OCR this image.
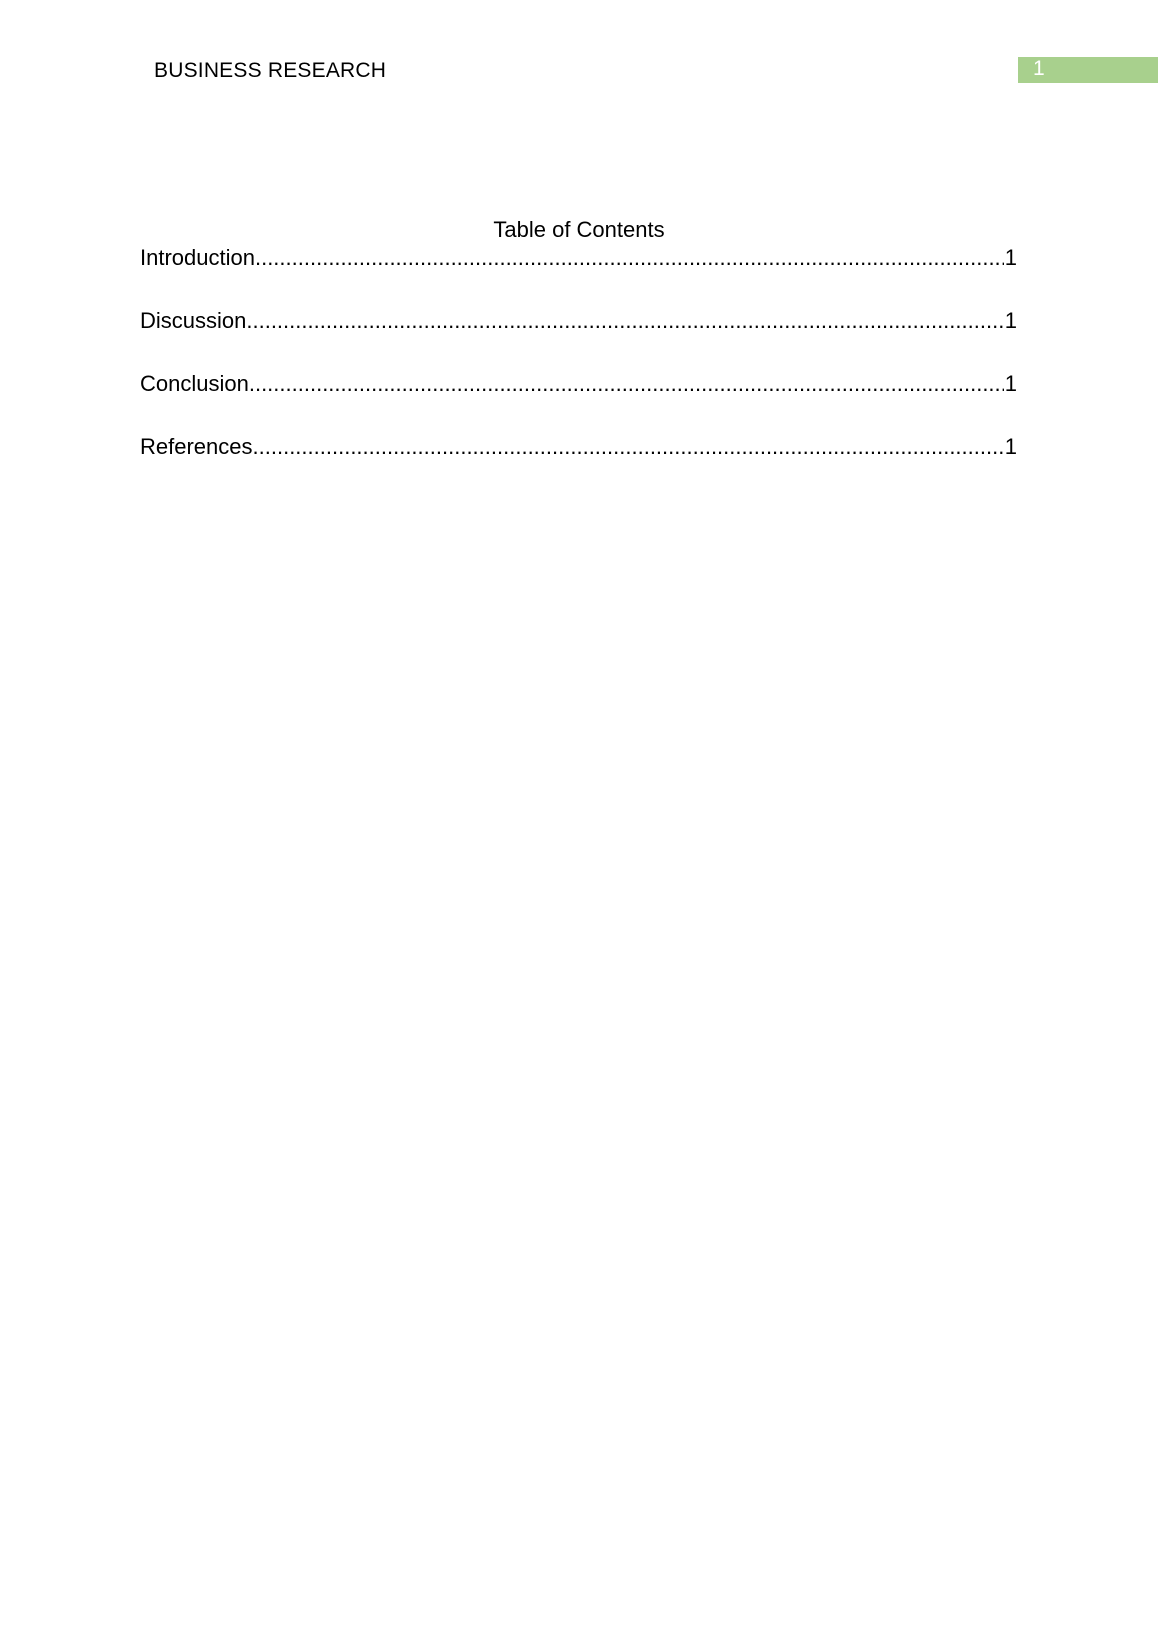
BUSINESS RESEARCH	1
Table of Contents
Introduction .....	1
Discussion .....	1
Conclusion .....	1
References .....	1
